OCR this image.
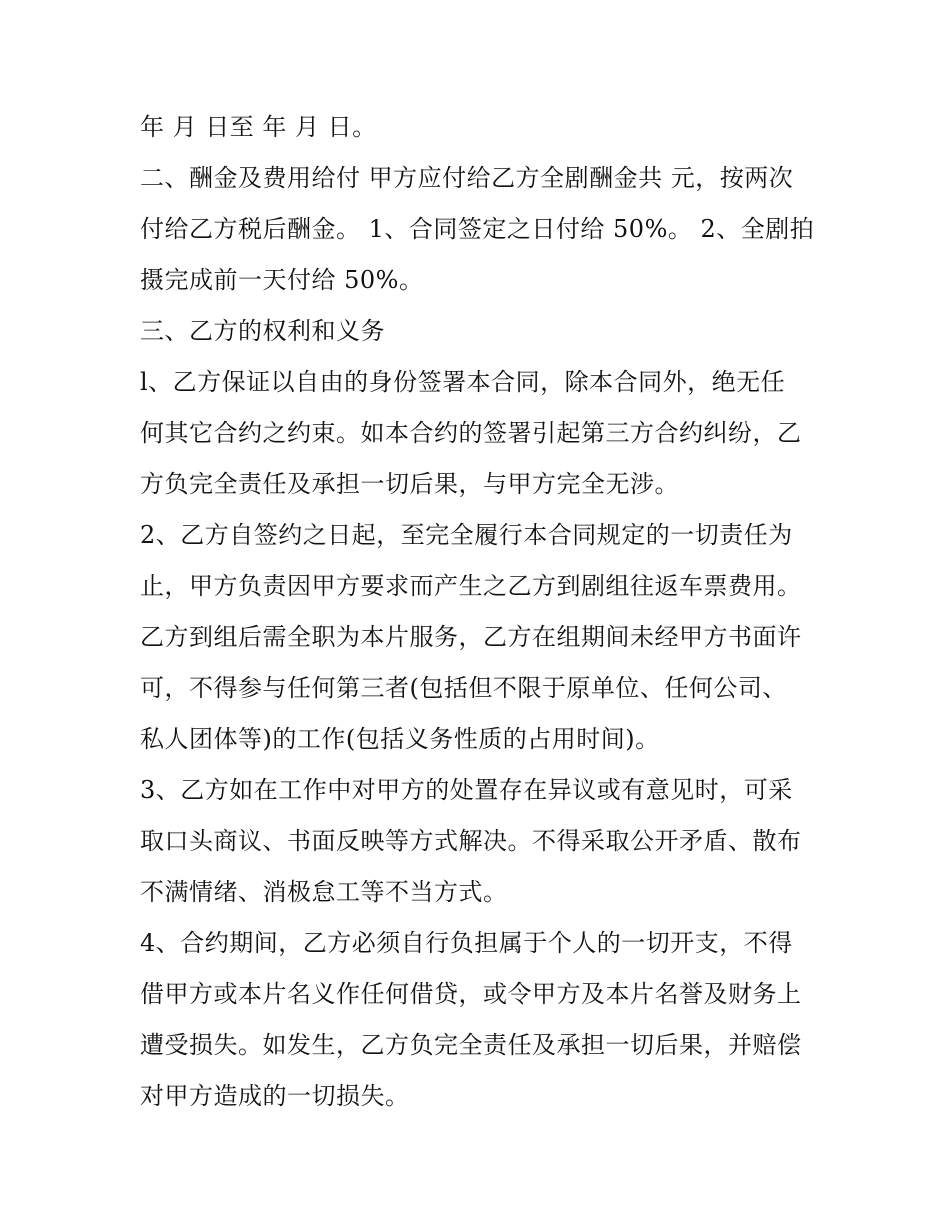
年 月 日至 年 月 日。
二、酬金及费用给付 甲方应付给乙方全剧酬金共 元，按两次
付给乙方税后酬金。 1、合同签定之日付给 50%。 2、全剧拍
摄完成前一天付给 50%。
三、乙方的权利和义务
l、乙方保证以自由的身份签署本合同，除本合同外，绝无任
何其它合约之约束。如本合约的签署引起第三方合约纠纷，乙
方负完全责任及承担一切后果，与甲方完全无涉。
2、乙方自签约之日起，至完全履行本合同规定的一切责任为
止，甲方负责因甲方要求而产生之乙方到剧组往返车票费用。
乙方到组后需全职为本片服务，乙方在组期间未经甲方书面许
可，不得参与任何第三者(包括但不限于原单位、任何公司、
私人团体等)的工作(包括义务性质的占用时间)。
3、乙方如在工作中对甲方的处置存在异议或有意见时，可采
取口头商议、书面反映等方式解决。不得采取公开矛盾、散布
不满情绪、消极怠工等不当方式。
4、合约期间，乙方必须自行负担属于个人的一切开支，不得
借甲方或本片名义作任何借贷，或令甲方及本片名誉及财务上
遭受损失。如发生，乙方负完全责任及承担一切后果，并赔偿
对甲方造成的一切损失。
